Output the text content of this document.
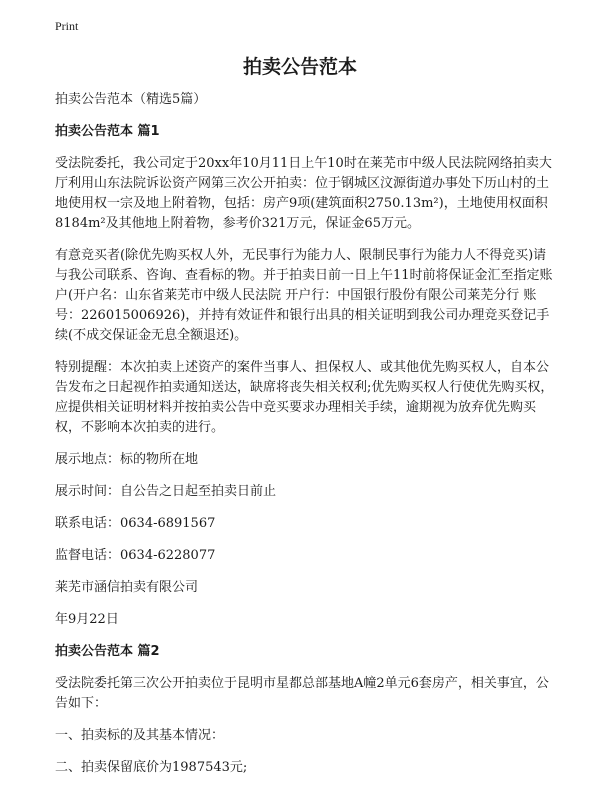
Print
拍卖公告范本

拍卖公告范本（精选5篇）

拍卖公告范本 篇1

受法院委托，我公司定于20xx年10月11日上午10时在莱芜市中级人民法院网络拍卖大厅利用山东法院诉讼资产网第三次公开拍卖：位于钢城区汶源街道办事处下历山村的土地使用权一宗及地上附着物，包括：房产9项(建筑面积2750.13m²)，土地使用权面积8184m²及其他地上附着物，参考价321万元，保证金65万元。

有意竞买者(除优先购买权人外，无民事行为能力人、限制民事行为能力人不得竞买)请与我公司联系、咨询、查看标的物。并于拍卖日前一日上午11时前将保证金汇至指定账户(开户名：山东省莱芜市中级人民法院 开户行：中国银行股份有限公司莱芜分行 账号：226015006926)，并持有效证件和银行出具的相关证明到我公司办理竞买登记手续(不成交保证金无息全额退还)。

特别提醒：本次拍卖上述资产的案件当事人、担保权人、或其他优先购买权人，自本公告发布之日起视作拍卖通知送达，缺席将丧失相关权利;优先购买权人行使优先购买权，应提供相关证明材料并按拍卖公告中竞买要求办理相关手续，逾期视为放弃优先购买权，不影响本次拍卖的进行。

展示地点：标的物所在地

展示时间：自公告之日起至拍卖日前止

联系电话：0634-6891567

监督电话：0634-6228077

莱芜市涵信拍卖有限公司

年9月22日

拍卖公告范本 篇2

受法院委托第三次公开拍卖位于昆明市星都总部基地A幢2单元6套房产，相关事宜，公告如下：

一、拍卖标的及其基本情况：

二、拍卖保留底价为1987543元;
